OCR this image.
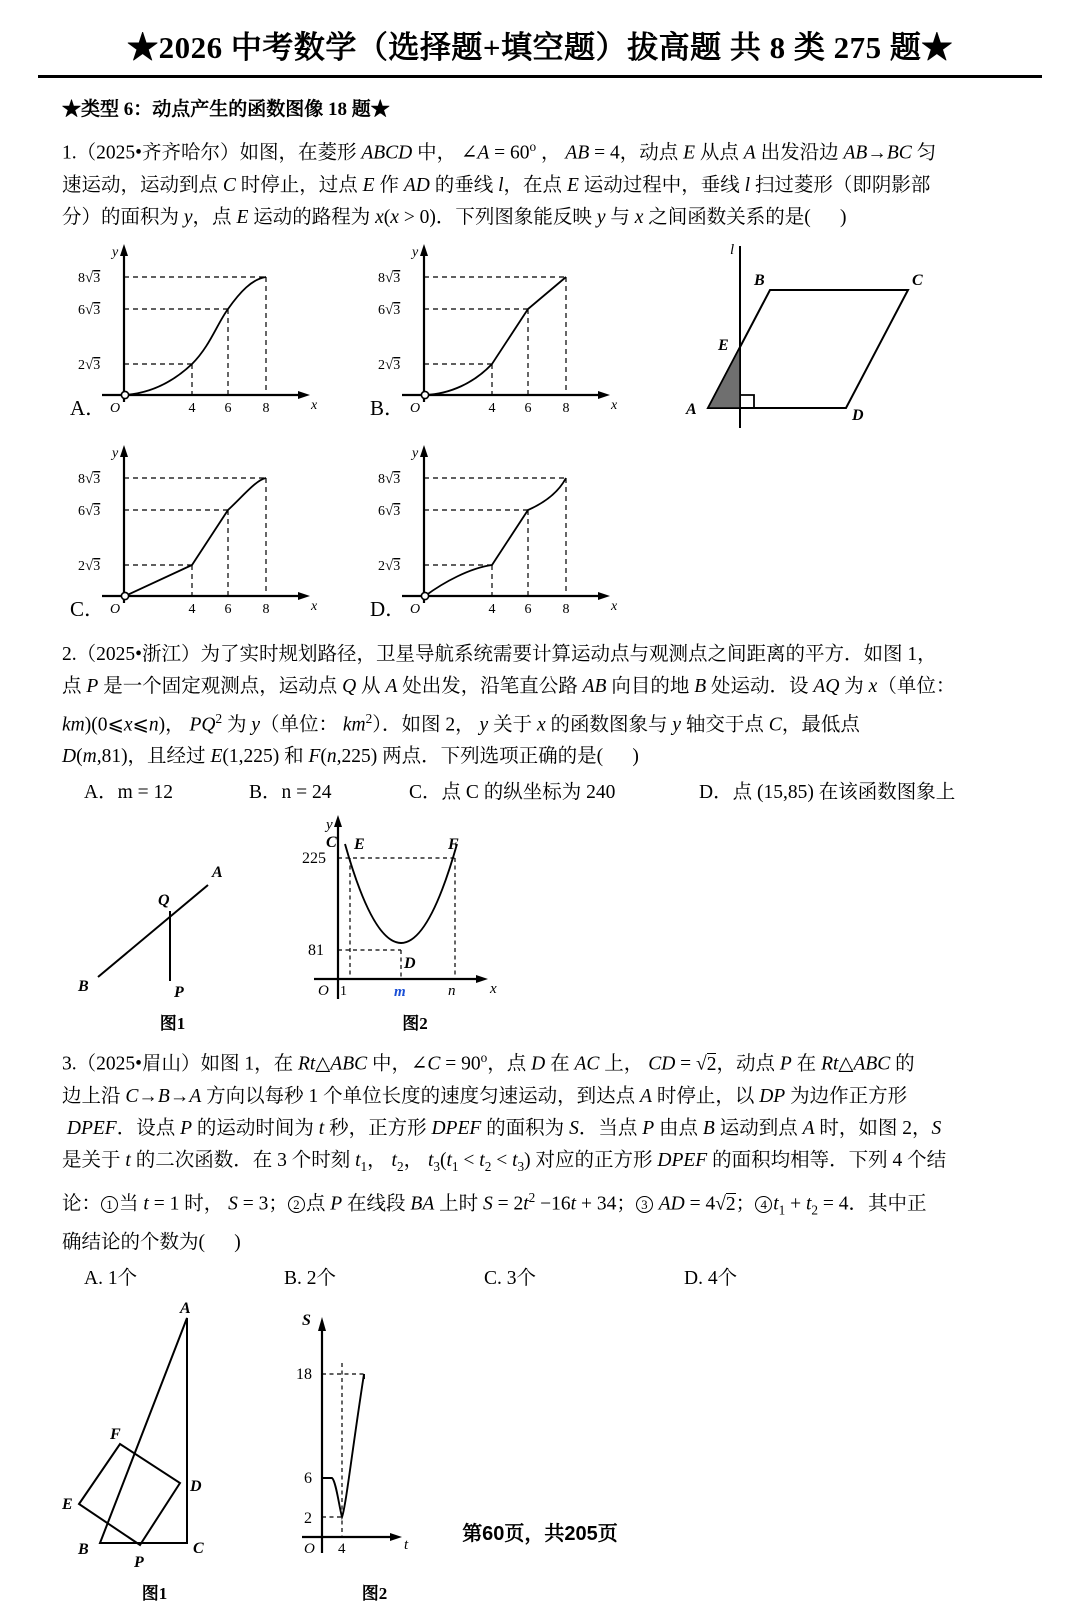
★2026 中考数学（选择题+填空题）拔高题 共 8 类 275 题★
★类型 6：动点产生的函数图像 18 题★

1.（2025•齐齐哈尔）如图，在菱形 ABCD 中， ∠A = $60^o$ ， AB = 4，动点 E 从点 A 出发沿边 AB→BC 匀

速运动，运动到点 C 时停止，过点 E 作 AD 的垂线 l，在点 E 运动过程中，垂线 l 扫过菱形（即阴影部

分）的面积为 y，点 E 运动的路程为 x(x > 0)．下列图象能反映 y 与 x 之间函数关系的是(      )

A．
y
x
O
8√3
6√3
2√3
4 6 8	B．
y
x
O
8√3
6√3
2√3
4 6 8
l
A
B	C
D
E
C．
y
x
O
8√3
6√3
2√3
4 6 8	D．
y
x
O
8√3
6√3
2√3
4 6 8

2.（2025•浙江）为了实时规划路径，卫星导航系统需要计算运动点与观测点之间距离的平方．如图 1，

点 P 是一个固定观测点，运动点 Q 从 A 处出发，沿笔直公路 AB 向目的地 B 处运动．设 AQ 为 x（单位：

km)(0⩽x⩽n)， $PQ^2$ 为 y（单位： $km^2$）．如图 2， y 关于 x 的函数图象与 y 轴交于点 C，最低点

D(m,81)，且经过 E(1,225) 和 F(n,225) 两点．下列选项正确的是(      )

A．m = 12	B．n = 24	C．点 C 的纵坐标为 240	D．点 (15,85) 在该函数图象上
A
B	P
Q
图1
y
x
O
225
81
1	m	n
C E	F
D
图2

3.（2025•眉山）如图 1，在 Rt△ABC 中，∠C = $90^o$，点 D 在 AC 上， CD = √2，动点 P 在 Rt△ABC 的

边上沿 C→B→A 方向以每秒 1 个单位长度的速度匀速运动，到达点 A 时停止，以 DP 为边作正方形

DPEF．设点 P 的运动时间为 t 秒，正方形 DPEF 的面积为 S．当点 P 由点 B 运动到点 A 时，如图 2，S

是关于 t 的二次函数．在 3 个时刻 $t_1$， $t_2$， $t_3(t_1 < t_2 < t_3)$ 对应的正方形 DPEF 的面积均相等．下列 4 个结

论： 1 当 t = 1 时， S = 3； 2 点 P 在线段 BA 上时 $S = 2t^2 -16t + 34$； 3 AD = 4√2； 4 $t_1 + t_2 = 4$．其中正

确结论的个数为(      )

A. 1个	B. 2个	C. 3个	D. 4个
A
B	C
D
E
F
P
图1
S
t
O
18
6
2
4
图2
第60页，共205页
